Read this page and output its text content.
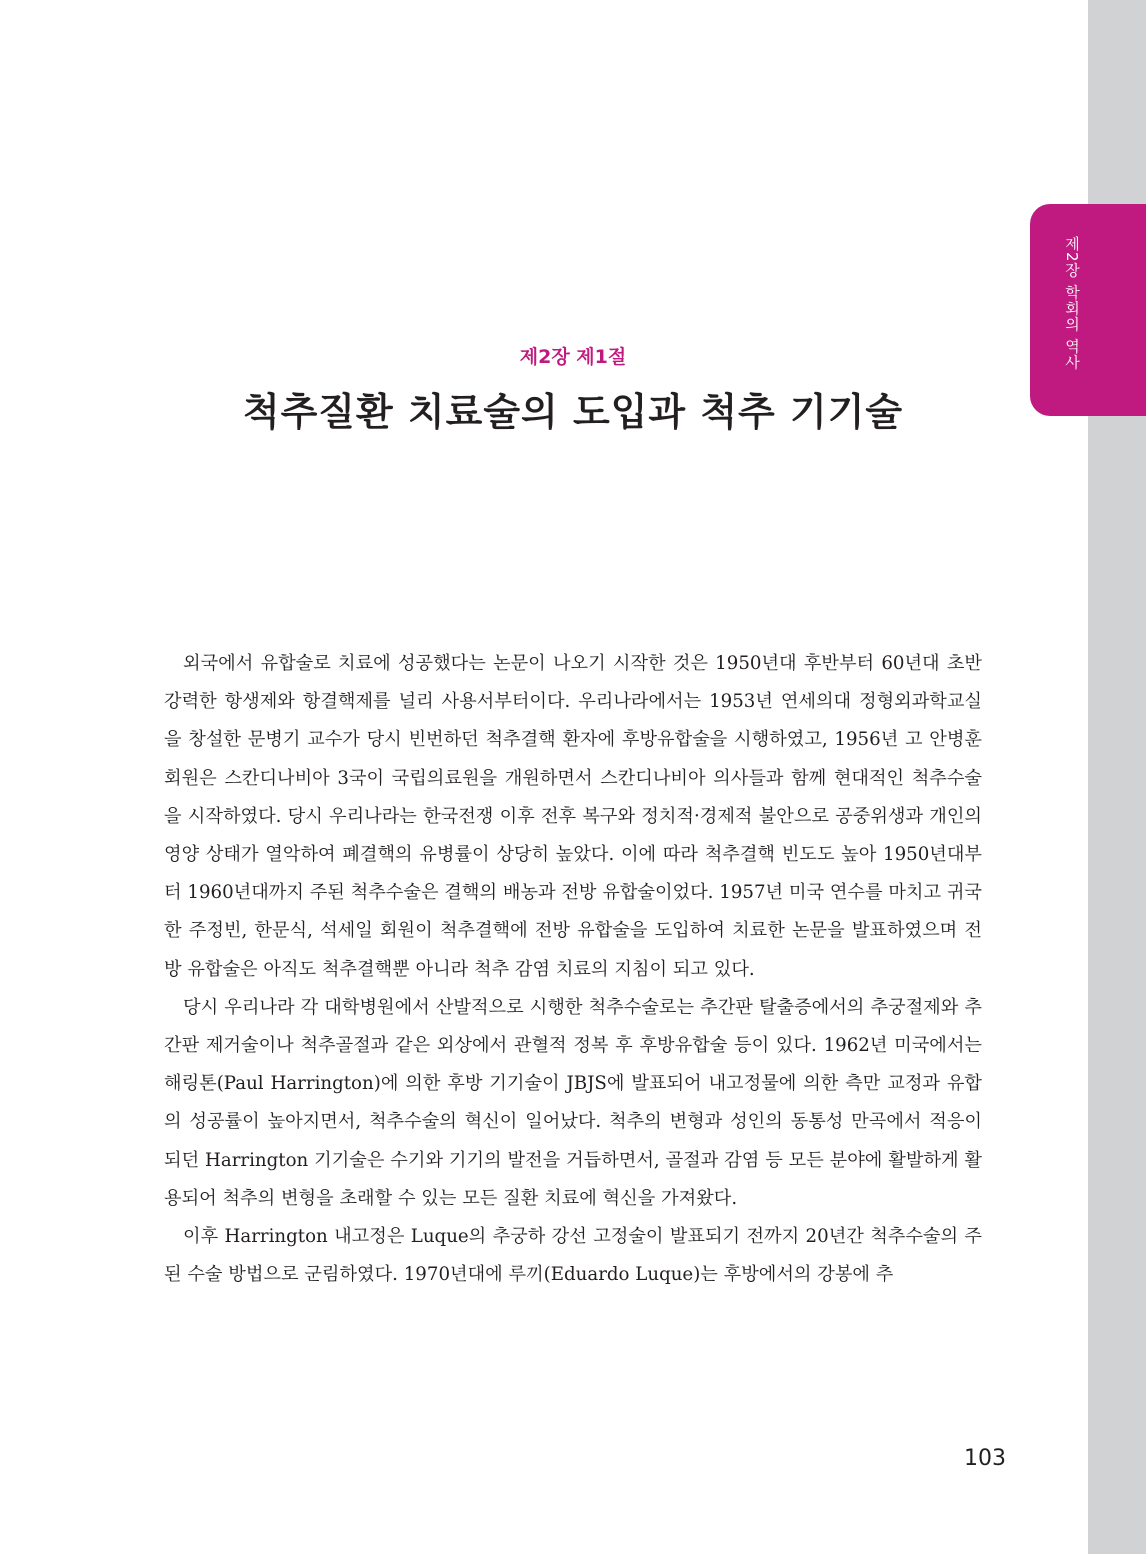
제2장 학회의 역사
제2장 제1절
척추질환 치료술의 도입과 척추 기기술

외국에서 유합술로 치료에 성공했다는 논문이 나오기 시작한 것은 1950년대 후반부터 60년대 초반 강력한 항생제와 항결핵제를 널리 사용서부터이다. 우리나라에서는 1953년 연세의대 정형외과학교실을 창설한 문병기 교수가 당시 빈번하던 척추결핵 환자에 후방유합술을 시행하였고, 1956년 고 안병훈 회원은 스칸디나비아 3국이 국립의료원을 개원하면서 스칸디나비아 의사들과 함께 현대적인 척추수술을 시작하였다. 당시 우리나라는 한국전쟁 이후 전후 복구와 정치적·경제적 불안으로 공중위생과 개인의 영양 상태가 열악하여 폐결핵의 유병률이 상당히 높았다. 이에 따라 척추결핵 빈도도 높아 1950년대부터 1960년대까지 주된 척추수술은 결핵의 배농과 전방 유합술이었다. 1957년 미국 연수를 마치고 귀국한 주정빈, 한문식, 석세일 회원이 척추결핵에 전방 유합술을 도입하여 치료한 논문을 발표하였으며 전방 유합술은 아직도 척추결핵뿐 아니라 척추 감염 치료의 지침이 되고 있다.

당시 우리나라 각 대학병원에서 산발적으로 시행한 척추수술로는 추간판 탈출증에서의 추궁절제와 추간판 제거술이나 척추골절과 같은 외상에서 관혈적 정복 후 후방유합술 등이 있다. 1962년 미국에서는 해링톤(Paul Harrington)에 의한 후방 기기술이 JBJS에 발표되어 내고정물에 의한 측만 교정과 유합의 성공률이 높아지면서, 척추수술의 혁신이 일어났다. 척추의 변형과 성인의 동통성 만곡에서 적응이 되던 Harrington 기기술은 수기와 기기의 발전을 거듭하면서, 골절과 감염 등 모든 분야에 활발하게 활용되어 척추의 변형을 초래할 수 있는 모든 질환 치료에 혁신을 가져왔다.

이후 Harrington 내고정은 Luque의 추궁하 강선 고정술이 발표되기 전까지 20년간 척추수술의 주된 수술 방법으로 군림하였다. 1970년대에 루끼(Eduardo Luque)는 후방에서의 강봉에 추

103
